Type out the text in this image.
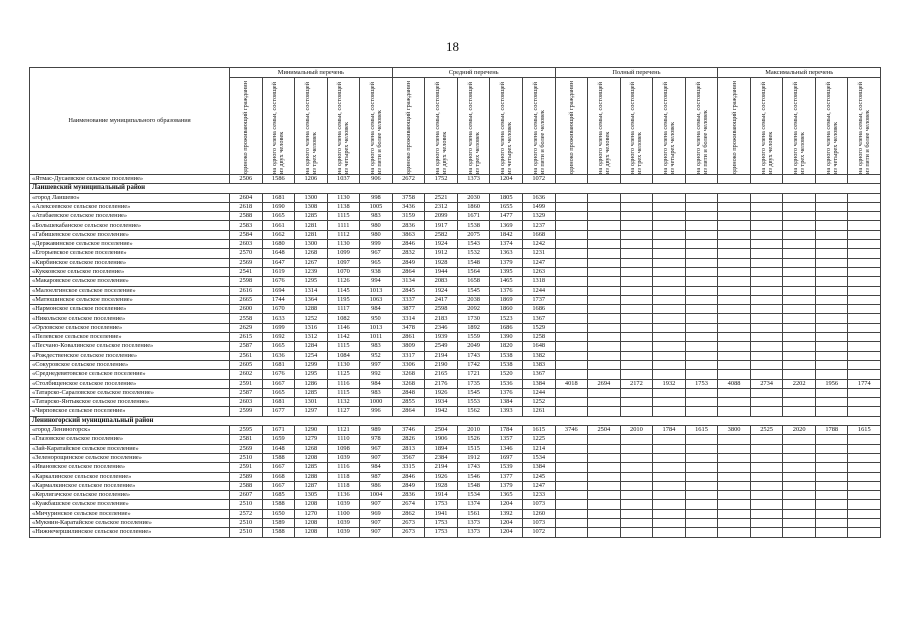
18
Наименование муниципального образования	Минимальный перечень					Средний перечень					Полный перечень					Максимальный перечень				

	одиноко проживающий гражданин	на одного члена семьи, состоящей из двух человек	на одного члена семьи, состоящей из трех человек	на одного члена семьи, состоящей из четырех человек	на одного члена семьи, состоящей из пяти и более человек	одиноко проживающий гражданин	на одного члена семьи, состоящей из двух человек	на одного члена семьи, состоящей из трех человек	на одного члена семьи, состоящей из четырех человек	на одного члена семьи, состоящей из пяти и более человек	одиноко проживающий гражданин	на одного члена семьи, состоящей из двух человек	на одного члена семьи, состоящей из трех человек	на одного члена семьи, состоящей из четырех человек	на одного члена семьи, состоящей из пяти и более человек	одиноко проживающий гражданин	на одного члена семьи, состоящей из двух человек	на одного члена семьи, состоящей из трех человек	на одного члена семьи, состоящей из четырех человек	на одного члена семьи, состоящей из пяти и более человек

«Ятмас-Дусаевское сельское поселение»	2506	1586	1206	1037	906	2672	1752	1373	1204	1072										
Лаишевский муниципальный район																				
«город Лаишево»	2604	1681	1300	1130	998	3758	2521	2030	1805	1636										
«Алексеевское сельское поселение»	2618	1690	1308	1138	1005	3436	2312	1860	1655	1499										
«Атабаевское сельское поселение»	2588	1665	1285	1115	983	3159	2099	1671	1477	1329										
«Большекабанское сельское поселение»	2583	1661	1281	1111	980	2836	1917	1538	1369	1237										
«Габишевское сельское поселение»	2584	1662	1281	1112	980	3863	2582	2075	1842	1668										
«Державинское сельское поселение»	2603	1680	1300	1130	999	2846	1924	1543	1374	1242										
«Егорьевское сельское поселение»	2570	1648	1268	1099	967	2832	1912	1532	1363	1231										
«Кирбинское сельское поселение»	2569	1647	1267	1097	965	2849	1928	1548	1379	1247										
«Кукковское сельское поселение»	2541	1619	1239	1070	938	2864	1944	1564	1395	1263										
«Макаровское сельское поселение»	2598	1676	1295	1126	994	3134	2083	1658	1465	1318										
«Малоелгинское сельское поселение»	2616	1694	1314	1145	1013	2845	1924	1545	1376	1244										
«Матюшинское сельское поселение»	2665	1744	1364	1195	1063	3337	2417	2038	1869	1737										
«Нармонское сельское поселение»	2600	1670	1288	1117	984	3877	2598	2092	1860	1686										
«Никольское сельское поселение»	2558	1633	1252	1082	950	3314	2183	1730	1523	1367										
«Орловское сельское поселение»	2629	1699	1316	1146	1013	3478	2346	1892	1686	1529										
«Пелевское сельское поселение»	2615	1692	1312	1142	1011	2861	1939	1559	1390	1258										
«Песчано-Ковалинское сельское поселение»	2587	1665	1284	1115	983	3809	2549	2049	1820	1648										
«Рождественское сельское поселение»	2561	1636	1254	1084	952	3317	2194	1743	1538	1382										
«Сокуровское сельское поселение»	2605	1681	1299	1130	997	3306	2190	1742	1538	1383										
«Среднедевятовское сельское поселение»	2602	1676	1295	1125	992	3268	2165	1721	1520	1367										
«Столбищенское сельское поселение»	2591	1667	1286	1116	984	3268	2176	1735	1536	1384	4018	2694	2172	1932	1753	4088	2734	2202	1956	1774
«Татарско-Сараловское сельское поселение»	2587	1665	1285	1115	983	2848	1926	1545	1376	1244										
«Татарско-Янтыкское сельское поселение»	2603	1681	1301	1132	1000	2855	1934	1553	1384	1252										
«Чирповское сельское поселение»	2599	1677	1297	1127	996	2864	1942	1562	1393	1261										
Лениногорский муниципальный район																				
«город Лениногорск»	2595	1671	1290	1121	989	3746	2504	2010	1784	1615	3746	2504	2010	1784	1615	3800	2525	2020	1788	1615
«Глазовское сельское поселение»	2581	1659	1279	1110	978	2826	1906	1526	1357	1225										
«Зай-Каратайское сельское поселение»	2569	1648	1268	1098	967	2813	1894	1515	1346	1214										
«Зеленорощинское сельское поселение»	2510	1588	1208	1039	907	3567	2384	1912	1697	1534										
«Ивановское сельское поселение»	2591	1667	1285	1116	984	3315	2194	1743	1539	1384										
«Каркалинское сельское поселение»	2589	1668	1288	1118	987	2846	1926	1546	1377	1245										
«Кармалкинское сельское поселение»	2588	1667	1287	1118	986	2849	1928	1548	1379	1247										
«Керлигачское сельское поселение»	2607	1685	1305	1136	1004	2836	1914	1534	1365	1233										
«Куакбашское сельское поселение»	2510	1588	1208	1039	907	2674	1753	1374	1204	1073										
«Мичуринское сельское поселение»	2572	1650	1270	1100	969	2862	1941	1561	1392	1260										
«Мукмин-Каратайское сельское поселение»	2510	1589	1208	1039	907	2673	1753	1373	1204	1073										
«Нижнечершилинское сельское поселение»	2510	1588	1208	1039	907	2673	1753	1373	1204	1072										
